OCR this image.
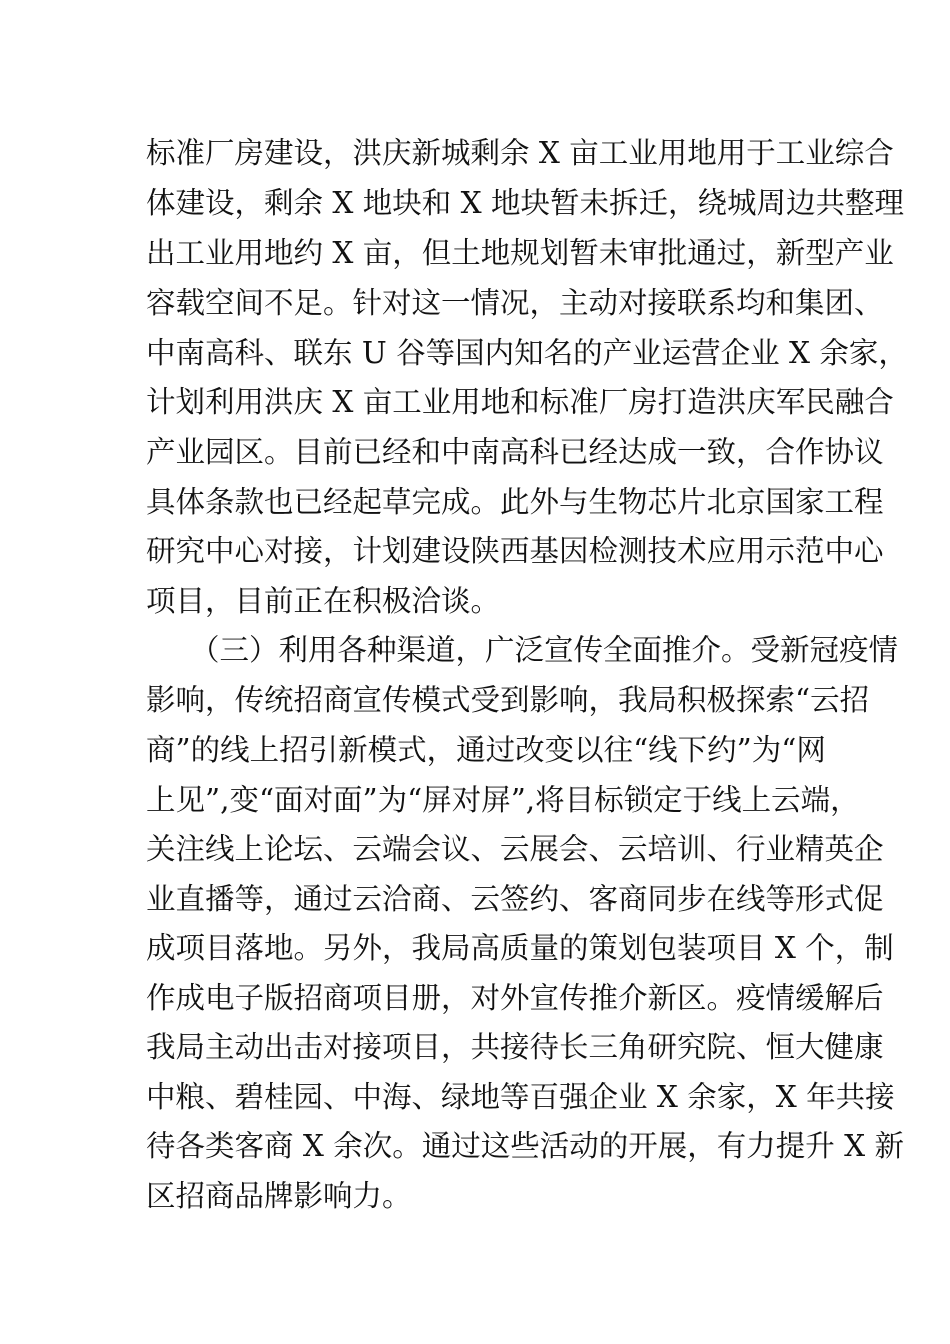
标准厂房建设，洪庆新城剩余 X 亩工业用地用于工业综合
体建设，剩余 X 地块和 X 地块暂未拆迁，绕城周边共整理
出工业用地约 X 亩，但土地规划暂未审批通过，新型产业
容载空间不足。针对这一情况，主动对接联系均和集团、
中南高科、联东 U 谷等国内知名的产业运营企业 X 余家，
计划利用洪庆 X 亩工业用地和标准厂房打造洪庆军民融合
产业园区。目前已经和中南高科已经达成一致，合作协议
具体条款也已经起草完成。此外与生物芯片北京国家工程
研究中心对接，计划建设陕西基因检测技术应用示范中心
项目，目前正在积极洽谈。
（三）利用各种渠道，广泛宣传全面推介。受新冠疫情
影响，传统招商宣传模式受到影响，我局积极探索“云招
商”的线上招引新模式，通过改变以往“线下约”为“网
上见”,变“面对面”为“屏对屏”,将目标锁定于线上云端，
关注线上论坛、云端会议、云展会、云培训、行业精英企
业直播等，通过云洽商、云签约、客商同步在线等形式促
成项目落地。另外，我局高质量的策划包装项目 X 个，制
作成电子版招商项目册，对外宣传推介新区。疫情缓解后
我局主动出击对接项目，共接待长三角研究院、恒大健康
中粮、碧桂园、中海、绿地等百强企业 X 余家，X 年共接
待各类客商 X 余次。通过这些活动的开展，有力提升 X 新
区招商品牌影响力。
